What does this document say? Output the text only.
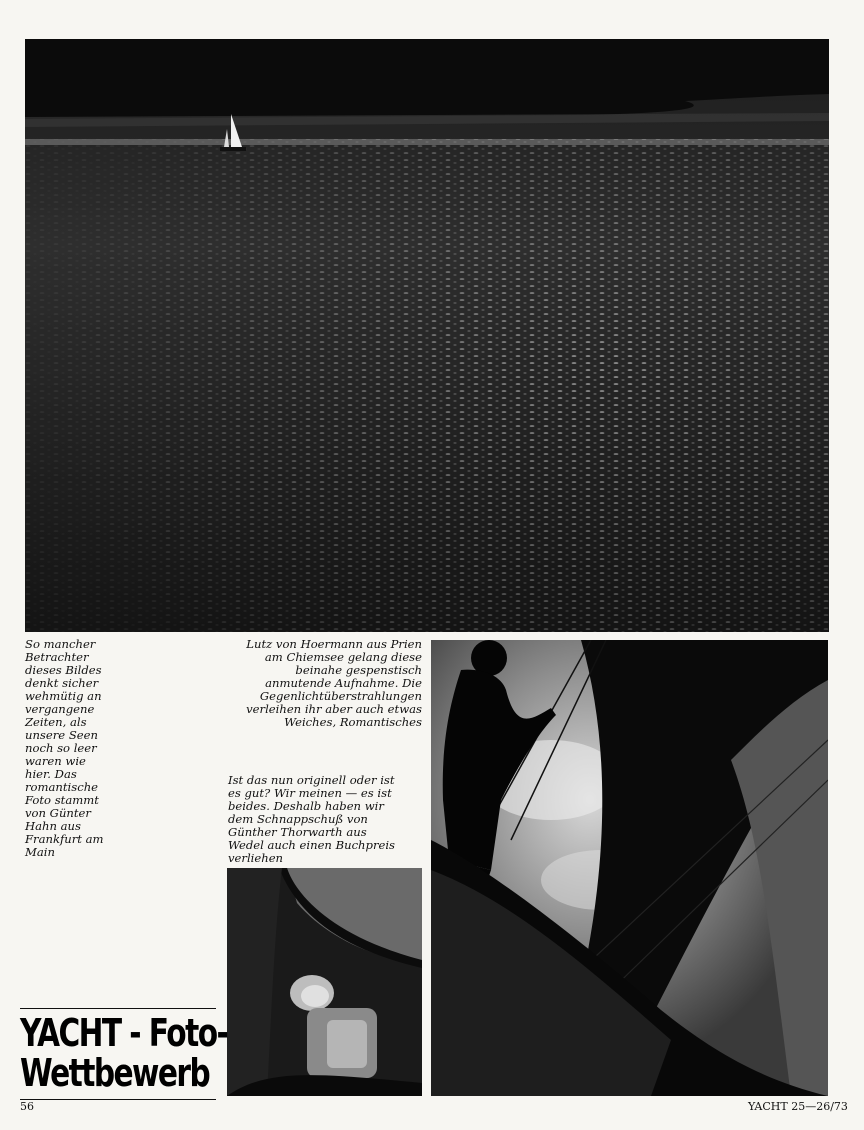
So mancher Betrachter dieses Bildes denkt sicher wehmütig an vergangene Zeiten, als unsere Seen noch so leer waren wie hier. Das romantische Foto stammt von Günter Hahn aus Frankfurt am Main
Lutz von Hoermann aus Prien am Chiemsee gelang diese beinahe gespenstisch anmutende Aufnahme. Die Gegenlichtüberstrahlungen verleihen ihr aber auch etwas Weiches, Romantisches
Ist das nun originell oder ist es gut? Wir meinen — es ist beides. Deshalb haben wir dem Schnappschuß von Günther Thorwarth aus Wedel auch einen Buchpreis verliehen
YACHT - Foto-
Wettbewerb
56	YACHT 25—26/73
